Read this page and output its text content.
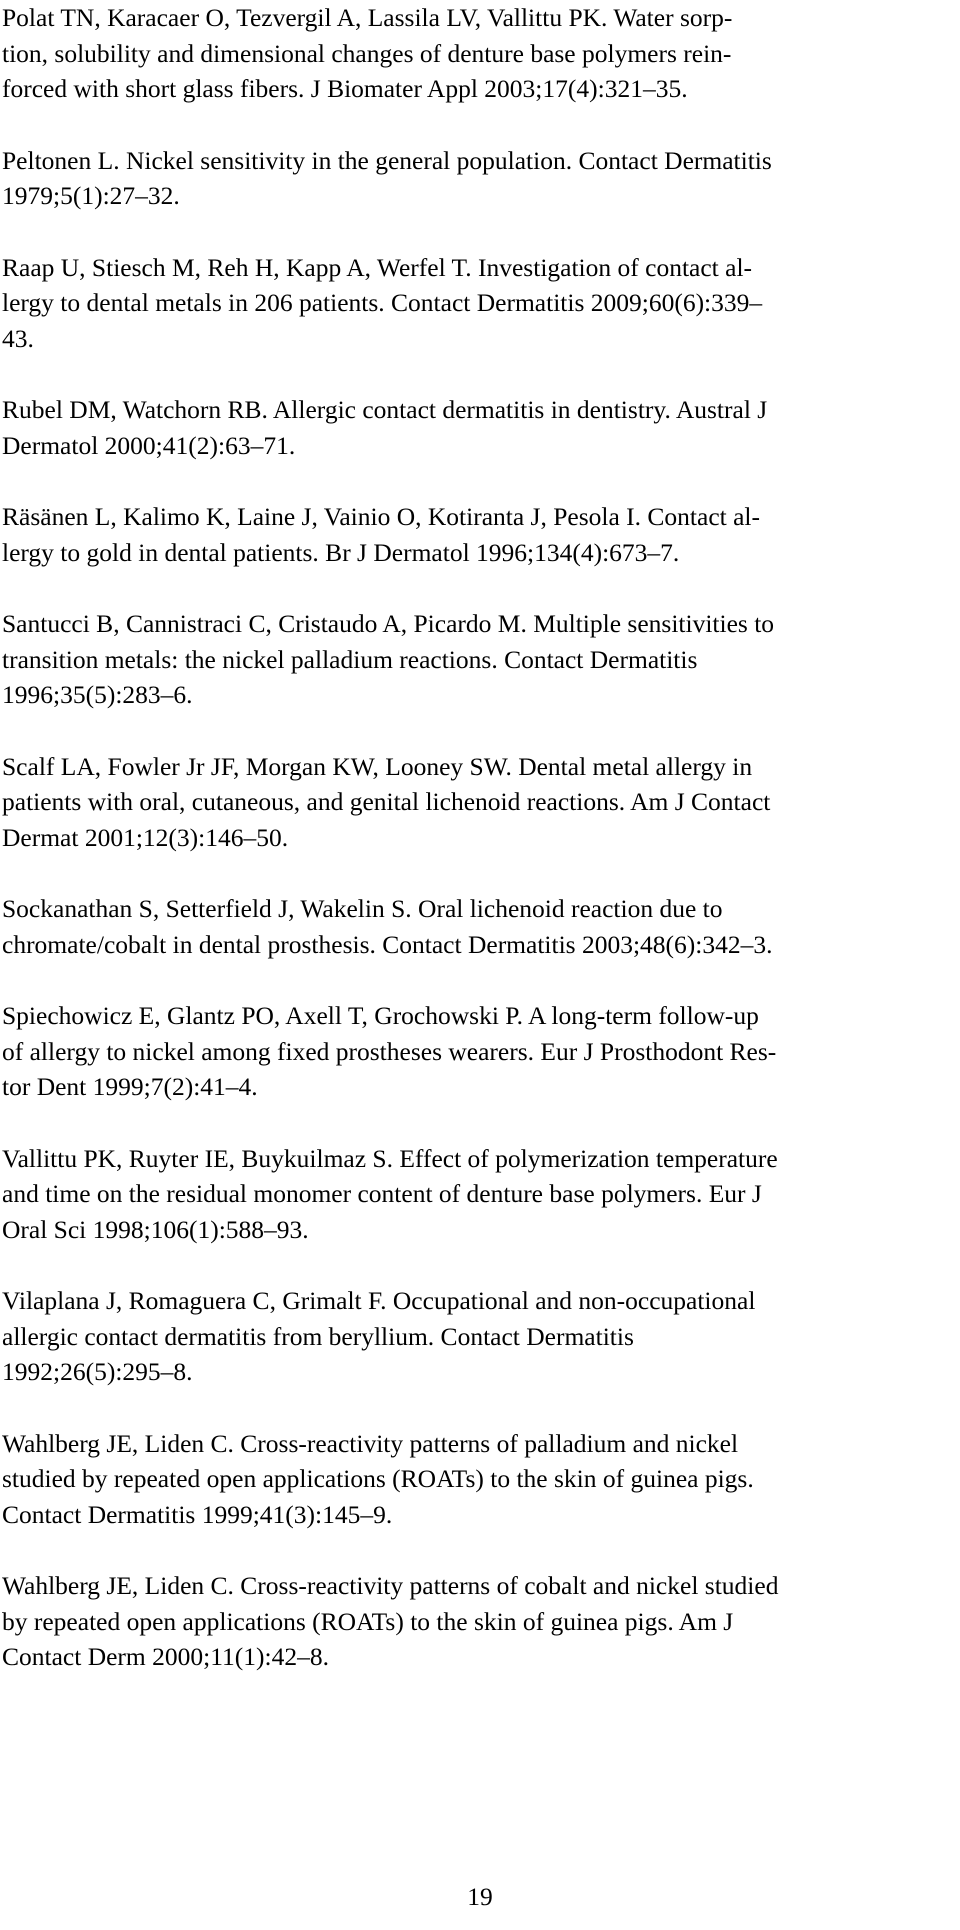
Polat TN, Karacaer O, Tezvergil A, Lassila LV, Vallittu PK. Water sorp-
tion, solubility and dimensional changes of denture base polymers rein-
forced with short glass fibers. J Biomater Appl 2003;17(4):321–35.
Peltonen L. Nickel sensitivity in the general population. Contact Dermatitis
1979;5(1):27–32.
Raap U, Stiesch M, Reh H, Kapp A, Werfel T. Investigation of contact al-
lergy to dental metals in 206 patients. Contact Dermatitis 2009;60(6):339–
43.
Rubel DM, Watchorn RB. Allergic contact dermatitis in dentistry. Austral J
Dermatol 2000;41(2):63–71.
Räsänen L, Kalimo K, Laine J, Vainio O, Kotiranta J, Pesola I. Contact al-
lergy to gold in dental patients. Br J Dermatol 1996;134(4):673–7.
Santucci B, Cannistraci C, Cristaudo A, Picardo M. Multiple sensitivities to
transition metals: the nickel palladium reactions. Contact Dermatitis
1996;35(5):283–6.
Scalf LA, Fowler Jr JF, Morgan KW, Looney SW. Dental metal allergy in
patients with oral, cutaneous, and genital lichenoid reactions. Am J Contact
Dermat 2001;12(3):146–50.
Sockanathan S, Setterfield J, Wakelin S. Oral lichenoid reaction due to
chromate/cobalt in dental prosthesis. Contact Dermatitis 2003;48(6):342–3.
Spiechowicz E, Glantz PO, Axell T, Grochowski P. A long-term follow-up
of allergy to nickel among fixed prostheses wearers. Eur J Prosthodont Res-
tor Dent 1999;7(2):41–4.
Vallittu PK, Ruyter IE, Buykuilmaz S. Effect of polymerization temperature
and time on the residual monomer content of denture base polymers. Eur J
Oral Sci 1998;106(1):588–93.
Vilaplana J, Romaguera C, Grimalt F. Occupational and non-occupational
allergic contact dermatitis from beryllium. Contact Dermatitis
1992;26(5):295–8.
Wahlberg JE, Liden C. Cross-reactivity patterns of palladium and nickel
studied by repeated open applications (ROATs) to the skin of guinea pigs.
Contact Dermatitis 1999;41(3):145–9.
Wahlberg JE, Liden C. Cross-reactivity patterns of cobalt and nickel studied
by repeated open applications (ROATs) to the skin of guinea pigs. Am J
Contact Derm 2000;11(1):42–8.
19
